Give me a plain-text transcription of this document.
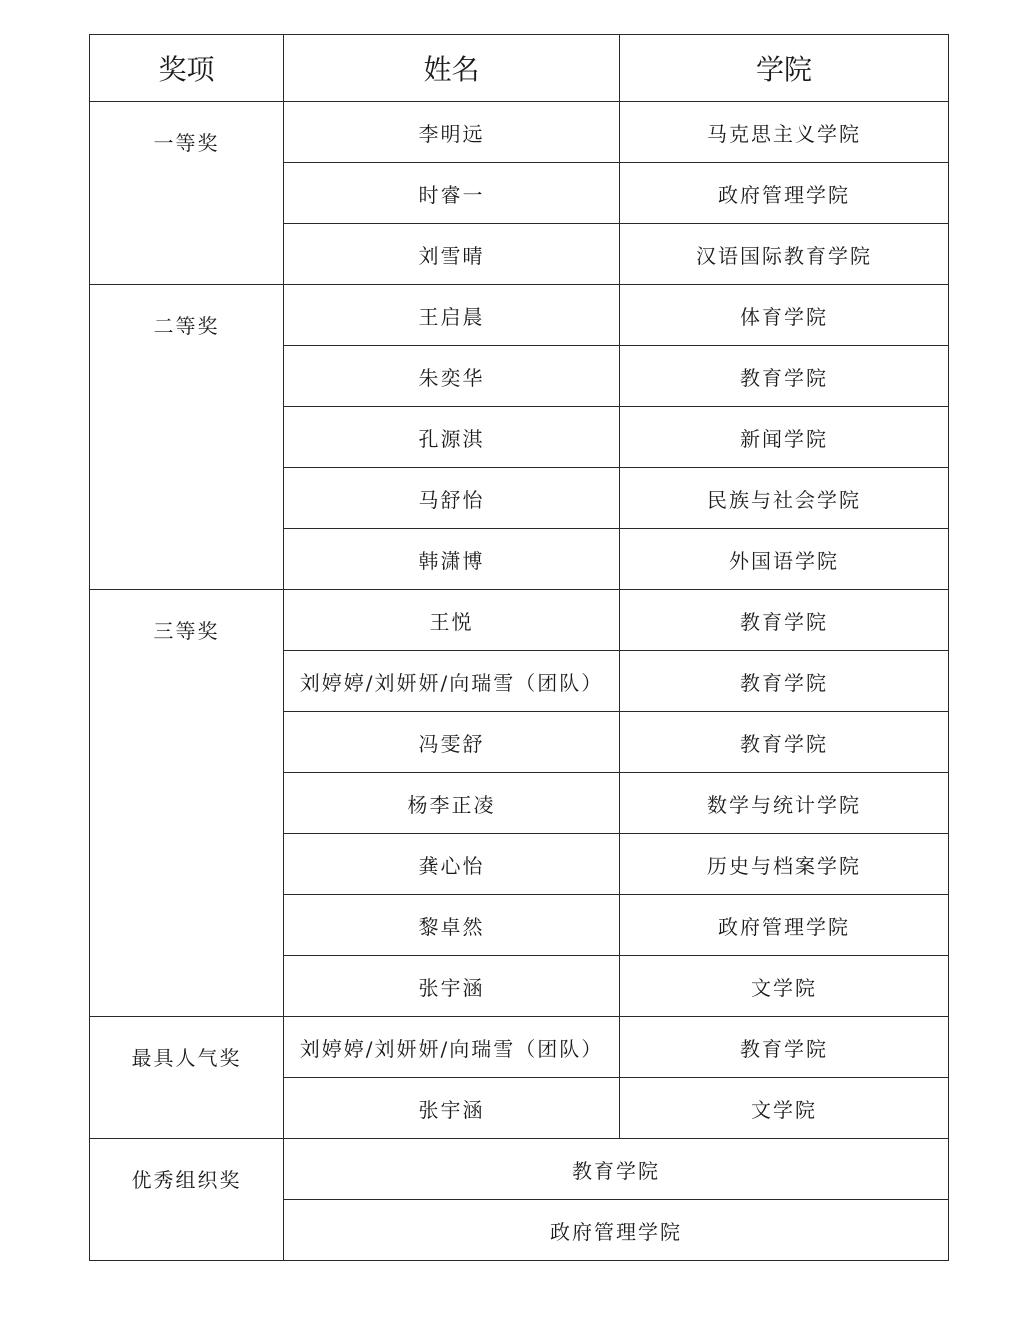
奖项	姓名	学院
一等奖	李明远	马克思主义学院
	时睿一	政府管理学院
	刘雪晴	汉语国际教育学院
二等奖	王启晨	体育学院
	朱奕华	教育学院
	孔源淇	新闻学院
	马舒怡	民族与社会学院
	韩潇博	外国语学院
三等奖	王悦	教育学院
	刘婷婷/刘妍妍/向瑞雪（团队）	教育学院
	冯雯舒	教育学院
	杨李正凌	数学与统计学院
	龚心怡	历史与档案学院
	黎卓然	政府管理学院
	张宇涵	文学院
最具人气奖	刘婷婷/刘妍妍/向瑞雪（团队）	教育学院
	张宇涵	文学院
优秀组织奖	教育学院	
	政府管理学院	
